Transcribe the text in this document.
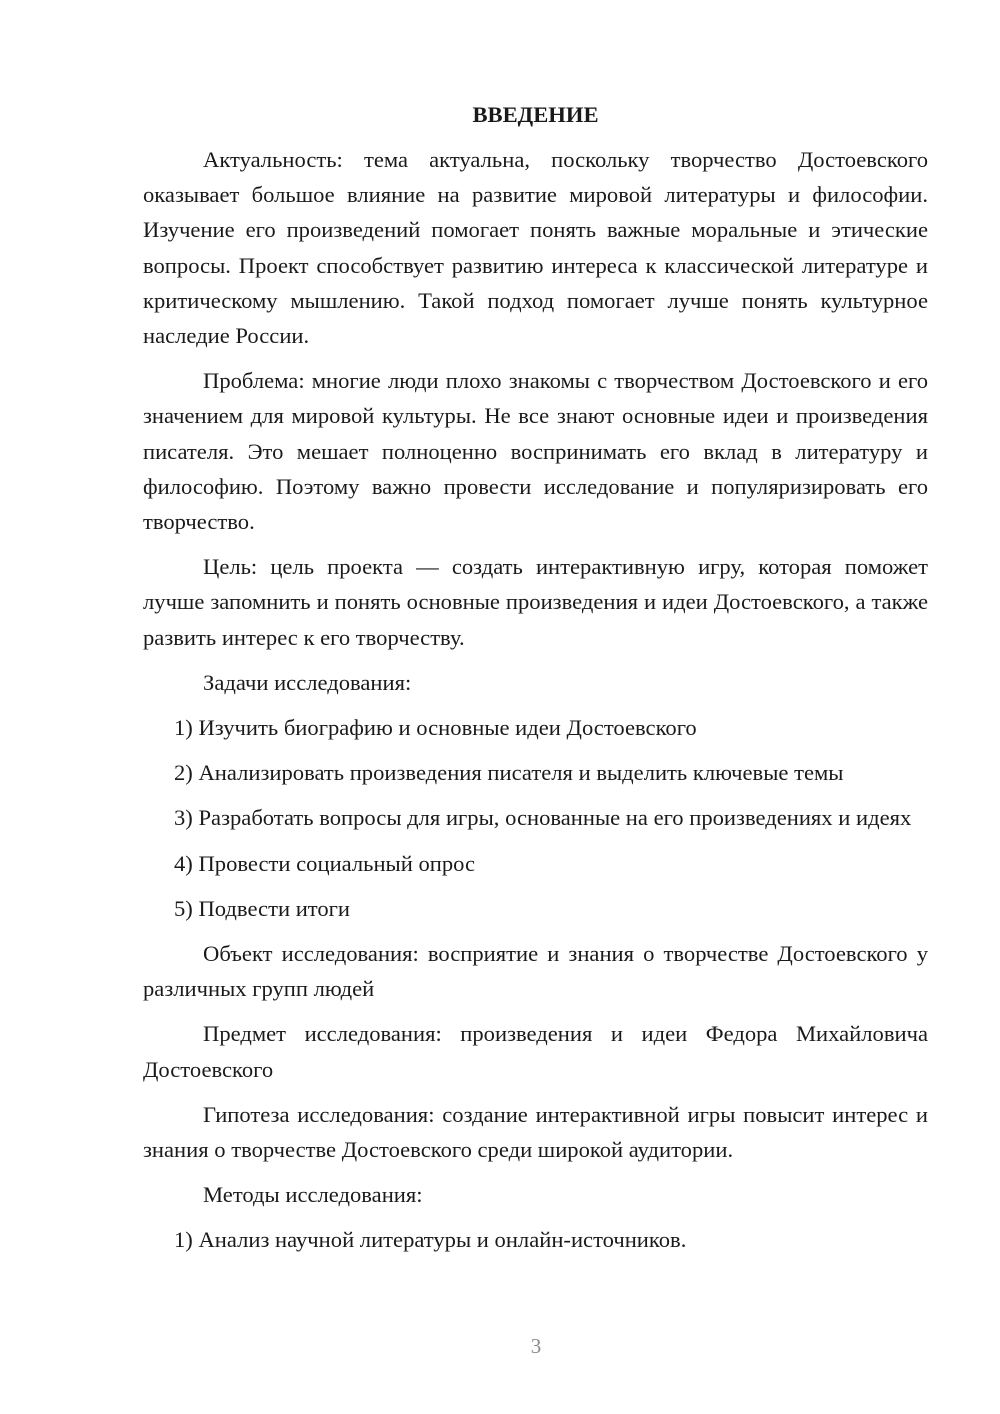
ВВЕДЕНИЕ
Актуальность: тема актуальна, поскольку творчество Достоевского оказывает большое влияние на развитие мировой литературы и философии. Изучение его произведений помогает понять важные моральные и этические вопросы. Проект способствует развитию интереса к классической литературе и критическому мышлению. Такой подход помогает лучше понять культурное наследие России.
Проблема: многие люди плохо знакомы с творчеством Достоевского и его значением для мировой культуры. Не все знают основные идеи и произведения писателя. Это мешает полноценно воспринимать его вклад в литературу и философию. Поэтому важно провести исследование и популяризировать его творчество.
Цель: цель проекта — создать интерактивную игру, которая поможет лучше запомнить и понять основные произведения и идеи Достоевского, а также развить интерес к его творчеству.
Задачи исследования:
1) Изучить биографию и основные идеи Достоевского
2) Анализировать произведения писателя и выделить ключевые темы
3) Разработать вопросы для игры, основанные на его произведениях и идеях
4) Провести социальный опрос
5) Подвести итоги
Объект исследования: восприятие и знания о творчестве Достоевского у различных групп людей
Предмет исследования: произведения и идеи Федора Михайловича Достоевского
Гипотеза исследования: создание интерактивной игры повысит интерес и знания о творчестве Достоевского среди широкой аудитории.
Методы исследования:
1) Анализ научной литературы и онлайн-источников.
3
